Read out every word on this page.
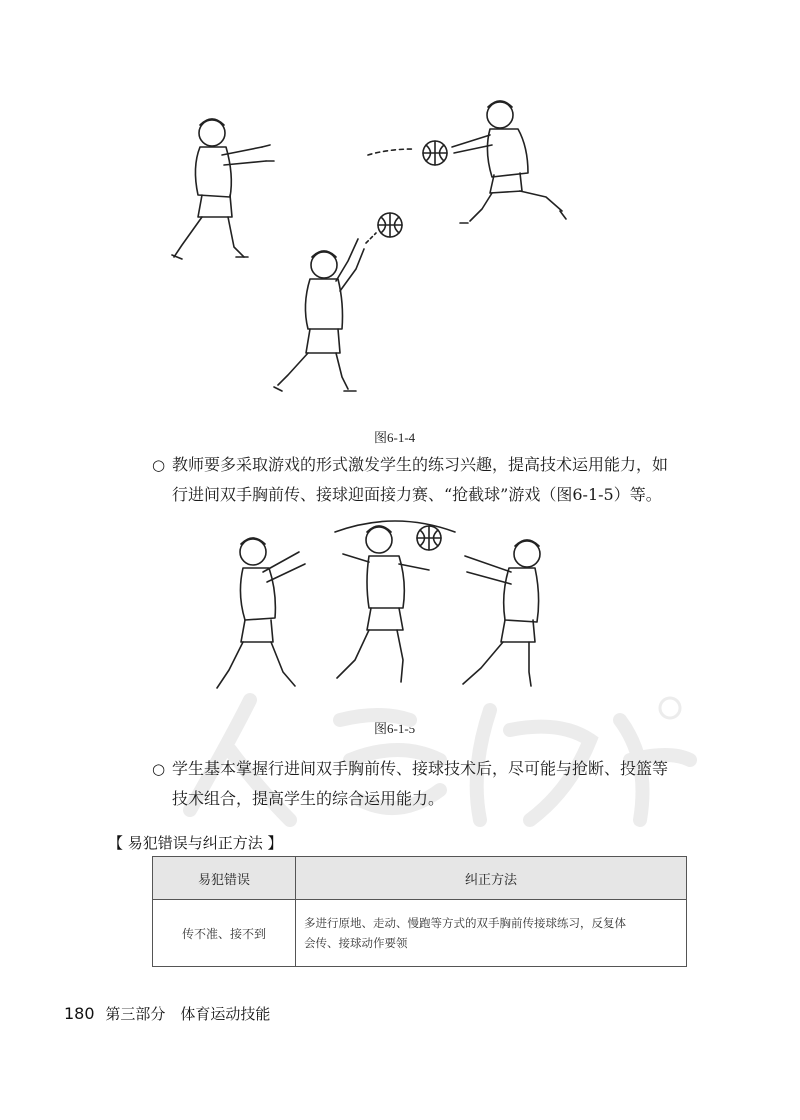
图6-1-4
○ 教师要多采取游戏的形式激发学生的练习兴趣，提高技术运用能力，如
行进间双手胸前传、接球迎面接力赛、“抢截球”游戏（图6-1-5）等。
图6-1-5
○ 学生基本掌握行进间双手胸前传、接球技术后，尽可能与抢断、投篮等
技术组合，提高学生的综合运用能力。
【 易犯错误与纠正方法 】
易犯错误	纠正方法
传不准、接不到	多进行原地、走动、慢跑等方式的双手胸前传接球练习，反复体
会传、接球动作要领
180 第三部分　体育运动技能
